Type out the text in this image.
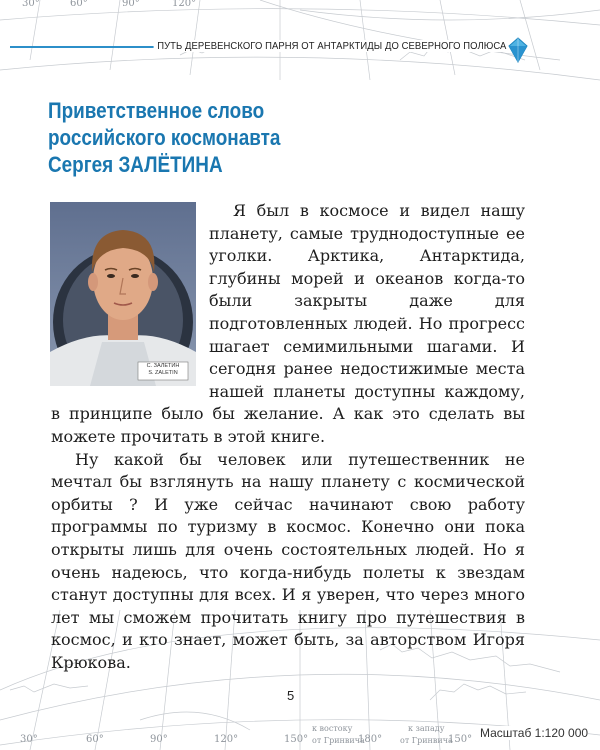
ПУТЬ ДЕРЕВЕНСКОГО ПАРНЯ ОТ АНТАРКТИДЫ ДО СЕВЕРНОГО ПОЛЮСА
Приветственное слово
российского космонавта
Сергея ЗАЛЁТИНА

Я был в космосе и видел нашу планету, самые труднодоступные ее уголки. Арктика, Антарктида, глубины морей и океанов когда-то были закрыты даже для подготовленных людей. Но прогресс шагает семимильными шагами. И сегодня ранее недостижимые места нашей планеты доступны каждому, в принципе было бы желание. А как это сделать вы можете прочитать в этой книге.

Ну какой бы человек или путешественник не мечтал бы взглянуть на нашу планету с космической орбиты ? И уже сейчас начинают свою работу программы по туризму в космос. Конечно они пока открыты лишь для очень состоятельных людей. Но я очень надеюсь, что когда-нибудь полеты к звездам станут доступны для всех. И я уверен, что через много лет мы сможем прочитать книгу про путешествия в космос, и кто знает, может быть, за авторством Игоря Крюкова.

5
С. ЗАЛЕТИН
S. ZALETIN
30°	60°	90°	120°
30°	60°	90°	120°	150°	180°	150°
к востоку	к западу
от Гринвича	от Гринвича
Масштаб 1:120 000
